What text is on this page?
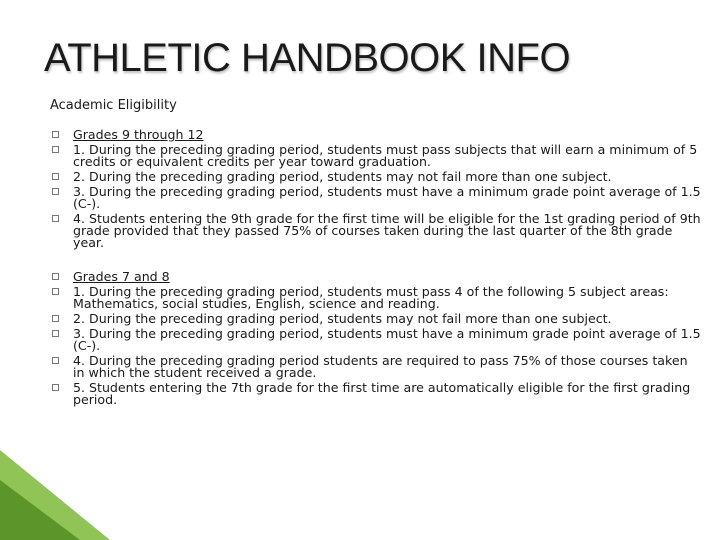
ATHLETIC HANDBOOK INFO
Academic Eligibility
Grades 9 through 12
1. During the preceding grading period, students must pass subjects that will earn a minimum of 5 credits or equivalent credits per year toward graduation.
2. During the preceding grading period, students may not fail more than one subject.
3. During the preceding grading period, students must have a minimum grade point average of 1.5 (C-).
4. Students entering the 9th grade for the first time will be eligible for the 1st grading period of 9th grade provided that they passed 75% of courses taken during the last quarter of the 8th grade year.
Grades 7 and 8
1. During the preceding grading period, students must pass 4 of the following 5 subject areas: Mathematics, social studies, English, science and reading.
2. During the preceding grading period, students may not fail more than one subject.
3. During the preceding grading period, students must have a minimum grade point average of 1.5 (C-).
4. During the preceding grading period students are required to pass 75% of those courses taken in which the student received a grade.
5. Students entering the 7th grade for the first time are automatically eligible for the first grading period.
